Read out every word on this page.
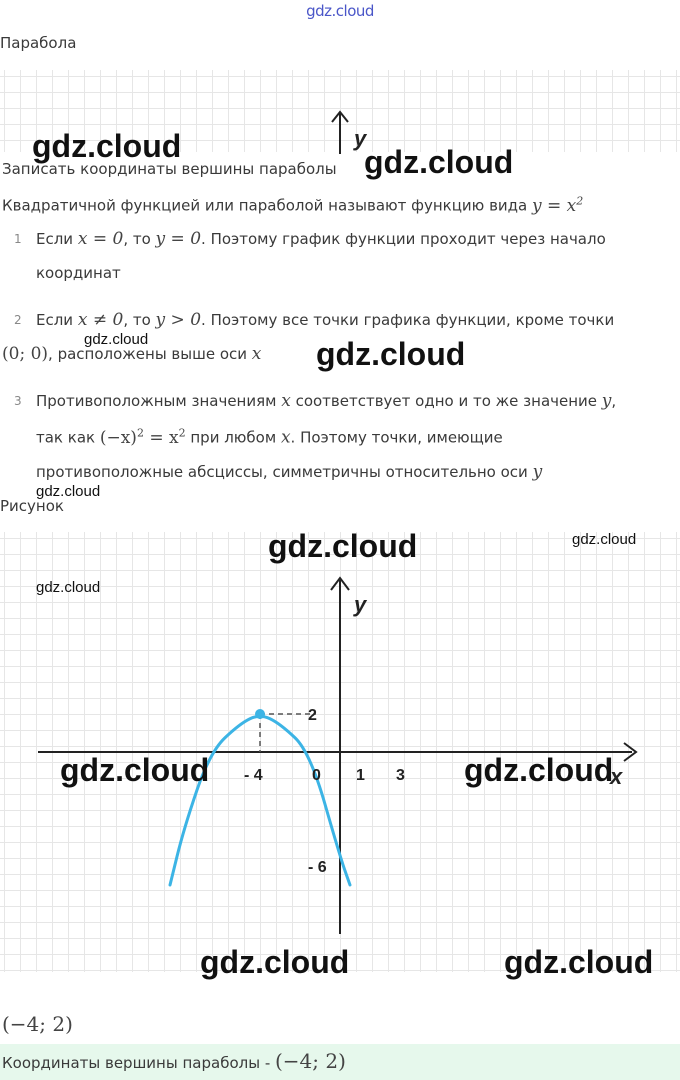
gdz.cloud
Парабола
y
Записать координаты вершины параболы
Квадратичной функцией или параболой называют функцию вида $y = x^2$
1 Если x = 0, то y = 0. Поэтому график функции проходит через начало
координат
2 Если x ≠ 0, то y > 0. Поэтому все точки графика функции, кроме точки
(0; 0), расположены выше оси x
3 Противоположным значениям x соответствует одно и то же значение y,
так как $(-x)^2 = x^2$ при любом x. Поэтому точки, имеющие
противоположные абсциссы, симметричны относительно оси y
Рисунок
x
y
- 4	0 1 3
2
- 6
(−4; 2)
Координаты вершины параболы - (−4; 2)
gdz.cloud	gdz.cloud
gdz.cloud	gdz.cloud
gdz.cloud
gdz.cloud	gdz.cloud
gdz.cloud
gdz.cloud	gdz.cloud
gdz.cloud	gdz.cloud
